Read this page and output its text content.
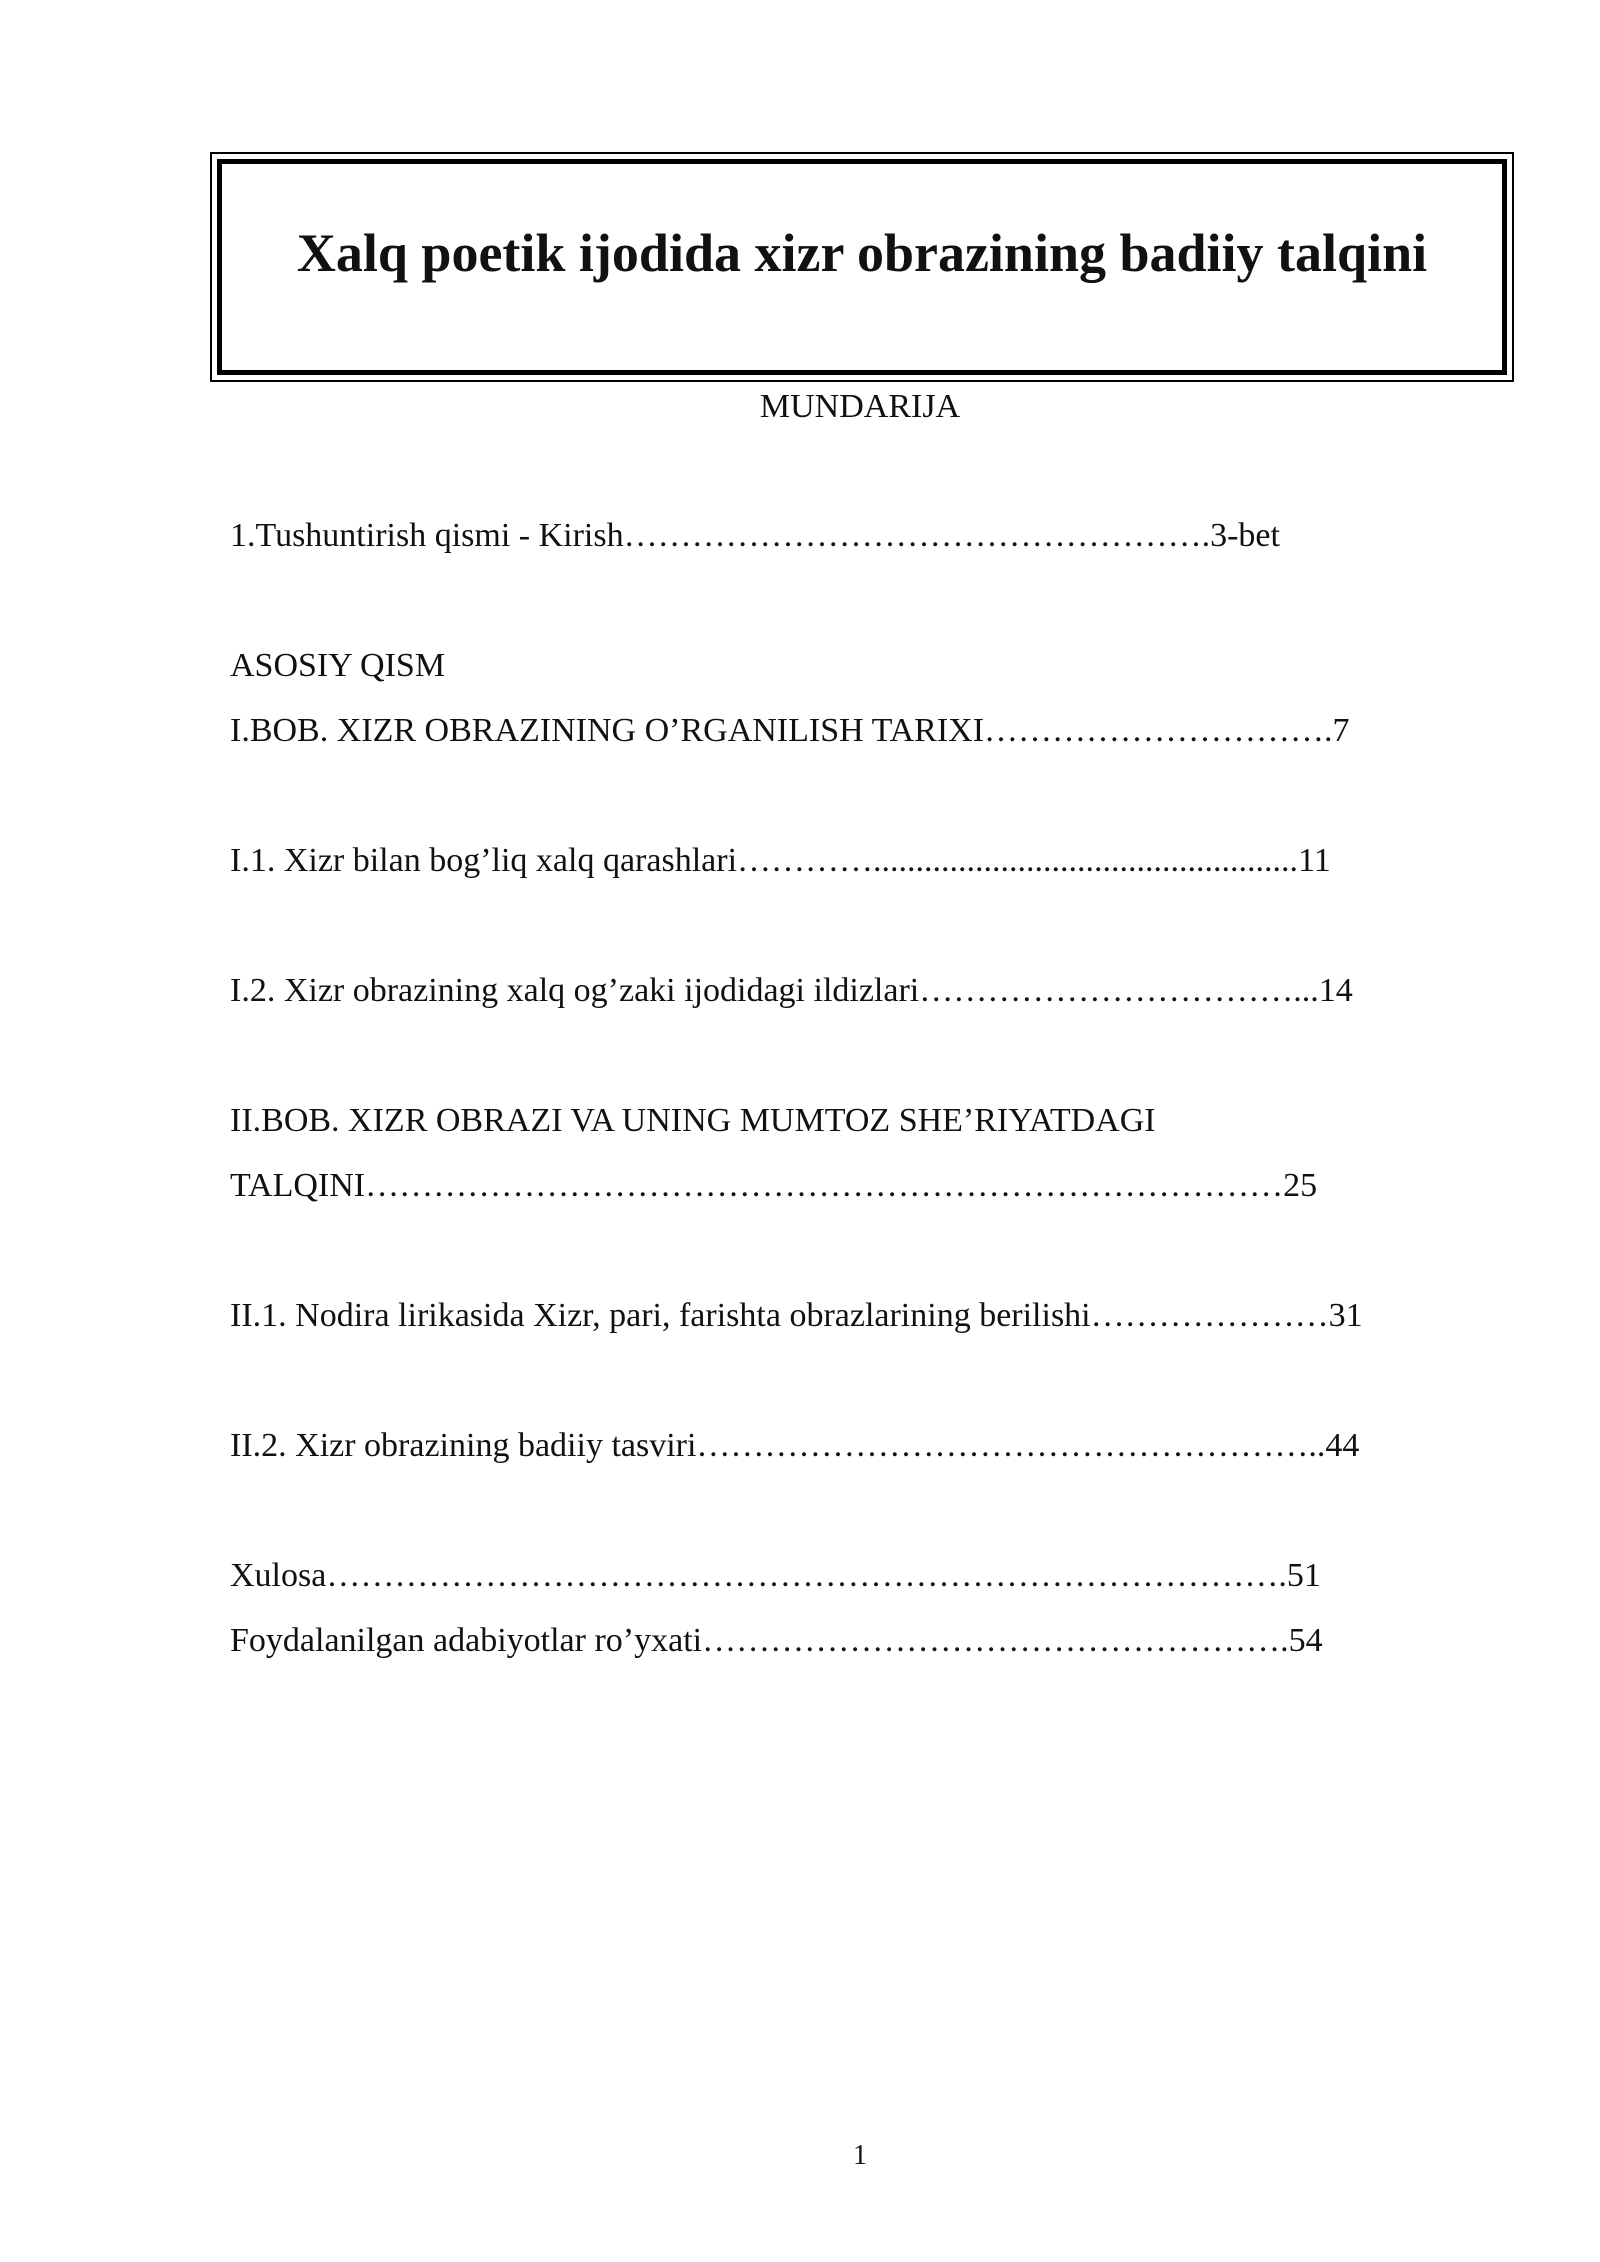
Xalq poetik ijodida xizr obrazining badiiy talqini
MUNDARIJA
1.Tushuntirish qismi - Kirish…………………………………………….3-bet
ASOSIY QISM
I.BOB. XIZR OBRAZINING O’RGANILISH TARIXI………………………….7
I.1. Xizr bilan bog’liq xalq qarashlari…………..................................................11
I.2. Xizr obrazining xalq og’zaki ijodidagi ildizlari……………………………...14
II.BOB. XIZR OBRAZI VA UNING MUMTOZ SHE’RIYATDAGI
TALQINI………………………………………………………………………25
II.1. Nodira lirikasida Xizr, pari, farishta obrazlarining berilishi…………………31
II.2. Xizr obrazining badiiy tasviri………………………………………………..44
Xulosa………………………………………………………………………….51
Foydalanilgan adabiyotlar ro’yxati…………………………………………….54
1
